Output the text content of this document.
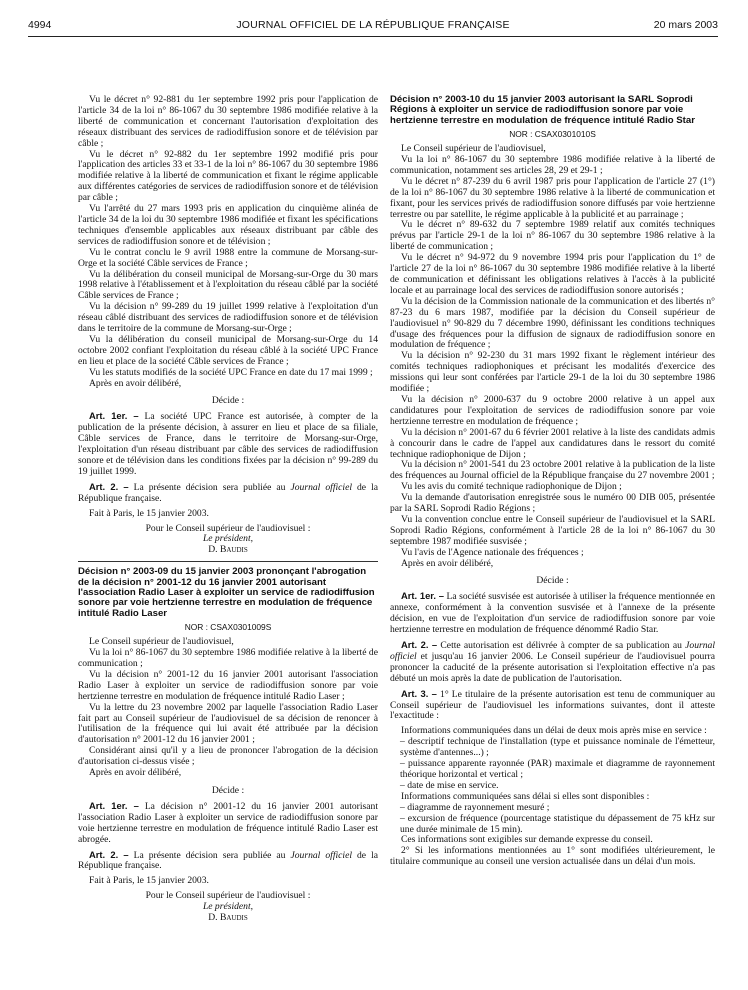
4994	JOURNAL OFFICIEL DE LA RÉPUBLIQUE FRANÇAISE	20 mars 2003

Vu le décret n° 92-881 du 1er septembre 1992 pris pour l'application de l'article 34 de la loi n° 86-1067 du 30 septembre 1986 modifiée relative à la liberté de communication et concernant l'autorisation d'exploitation des réseaux distribuant des services de radiodiffusion sonore et de télévision par câble ;

Vu le décret n° 92-882 du 1er septembre 1992 modifié pris pour l'application des articles 33 et 33-1 de la loi n° 86-1067 du 30 septembre 1986 modifiée relative à la liberté de communication et fixant le régime applicable aux différentes catégories de services de radiodiffusion sonore et de télévision par câble ;

Vu l'arrêté du 27 mars 1993 pris en application du cinquième alinéa de l'article 34 de la loi du 30 septembre 1986 modifiée et fixant les spécifications techniques d'ensemble applicables aux réseaux distribuant par câble des services de radiodiffusion sonore et de télévision ;

Vu le contrat conclu le 9 avril 1988 entre la commune de Morsang-sur-Orge et la société Câble services de France ;

Vu la délibération du conseil municipal de Morsang-sur-Orge du 30 mars 1998 relative à l'établissement et à l'exploitation du réseau câblé par la société Câble services de France ;

Vu la décision n° 99-289 du 19 juillet 1999 relative à l'exploitation d'un réseau câblé distribuant des services de radiodiffusion sonore et de télévision dans le territoire de la commune de Morsang-sur-Orge ;

Vu la délibération du conseil municipal de Morsang-sur-Orge du 14 octobre 2002 confiant l'exploitation du réseau câblé à la société UPC France en lieu et place de la société Câble services de France ;

Vu les statuts modifiés de la société UPC France en date du 17 mai 1999 ;

Après en avoir délibéré,

Décide :

Art. 1er. – La société UPC France est autorisée, à compter de la publication de la présente décision, à assurer en lieu et place de sa filiale, Câble services de France, dans le territoire de Morsang-sur-Orge, l'exploitation d'un réseau distribuant par câble des services de radiodiffusion sonore et de télévision dans les conditions fixées par la décision n° 99-289 du 19 juillet 1999.

Art. 2. – La présente décision sera publiée au Journal officiel de la République française.

Fait à Paris, le 15 janvier 2003.

Pour le Conseil supérieur de l'audiovisuel :

Le président,

D. Baudis

Décision n° 2003-09 du 15 janvier 2003 prononçant l'abrogation de la décision n° 2001-12 du 16 janvier 2001 autorisant l'association Radio Laser à exploiter un service de radiodiffusion sonore par voie hertzienne terrestre en modulation de fréquence intitulé Radio Laser

NOR : CSAX0301009S

Le Conseil supérieur de l'audiovisuel,

Vu la loi n° 86-1067 du 30 septembre 1986 modifiée relative à la liberté de communication ;

Vu la décision n° 2001-12 du 16 janvier 2001 autorisant l'association Radio Laser à exploiter un service de radiodiffusion sonore par voie hertzienne terrestre en modulation de fréquence intitulé Radio Laser ;

Vu la lettre du 23 novembre 2002 par laquelle l'association Radio Laser fait part au Conseil supérieur de l'audiovisuel de sa décision de renoncer à l'utilisation de la fréquence qui lui avait été attribuée par la décision d'autorisation n° 2001-12 du 16 janvier 2001 ;

Considérant ainsi qu'il y a lieu de prononcer l'abrogation de la décision d'autorisation ci-dessus visée ;

Après en avoir délibéré,

Décide :

Art. 1er. – La décision n° 2001-12 du 16 janvier 2001 autorisant l'association Radio Laser à exploiter un service de radiodiffusion sonore par voie hertzienne terrestre en modulation de fréquence intitulé Radio Laser est abrogée.

Art. 2. – La présente décision sera publiée au Journal officiel de la République française.

Fait à Paris, le 15 janvier 2003.

Pour le Conseil supérieur de l'audiovisuel :

Le président,

D. Baudis

Décision n° 2003-10 du 15 janvier 2003 autorisant la SARL Soprodi Régions à exploiter un service de radiodiffusion sonore par voie hertzienne terrestre en modulation de fréquence intitulé Radio Star

NOR : CSAX0301010S

Le Conseil supérieur de l'audiovisuel,

Vu la loi n° 86-1067 du 30 septembre 1986 modifiée relative à la liberté de communication, notamment ses articles 28, 29 et 29-1 ;

Vu le décret n° 87-239 du 6 avril 1987 pris pour l'application de l'article 27 (1°) de la loi n° 86-1067 du 30 septembre 1986 relative à la liberté de communication et fixant, pour les services privés de radiodiffusion sonore diffusés par voie hertzienne terrestre ou par satellite, le régime applicable à la publicité et au parrainage ;

Vu le décret n° 89-632 du 7 septembre 1989 relatif aux comités techniques prévus par l'article 29-1 de la loi n° 86-1067 du 30 septembre 1986 relative à la liberté de communication ;

Vu le décret n° 94-972 du 9 novembre 1994 pris pour l'application du 1° de l'article 27 de la loi n° 86-1067 du 30 septembre 1986 modifiée relative à la liberté de communication et définissant les obligations relatives à l'accès à la publicité locale et au parrainage local des services de radiodiffusion sonore autorisés ;

Vu la décision de la Commission nationale de la communication et des libertés n° 87-23 du 6 mars 1987, modifiée par la décision du Conseil supérieur de l'audiovisuel n° 90-829 du 7 décembre 1990, définissant les conditions techniques d'usage des fréquences pour la diffusion de signaux de radiodiffusion sonore en modulation de fréquence ;

Vu la décision n° 92-230 du 31 mars 1992 fixant le règlement intérieur des comités techniques radiophoniques et précisant les modalités d'exercice des missions qui leur sont conférées par l'article 29-1 de la loi du 30 septembre 1986 modifiée ;

Vu la décision n° 2000-637 du 9 octobre 2000 relative à un appel aux candidatures pour l'exploitation de services de radiodiffusion sonore par voie hertzienne terrestre en modulation de fréquence ;

Vu la décision n° 2001-67 du 6 février 2001 relative à la liste des candidats admis à concourir dans le cadre de l'appel aux candidatures dans le ressort du comité technique radiophonique de Dijon ;

Vu la décision n° 2001-541 du 23 octobre 2001 relative à la publication de la liste des fréquences au Journal officiel de la République française du 27 novembre 2001 ;

Vu les avis du comité technique radiophonique de Dijon ;

Vu la demande d'autorisation enregistrée sous le numéro 00 DIB 005, présentée par la SARL Soprodi Radio Régions ;

Vu la convention conclue entre le Conseil supérieur de l'audiovisuel et la SARL Soprodi Radio Régions, conformément à l'article 28 de la loi n° 86-1067 du 30 septembre 1987 modifiée susvisée ;

Vu l'avis de l'Agence nationale des fréquences ;

Après en avoir délibéré,

Décide :

Art. 1er. – La société susvisée est autorisée à utiliser la fréquence mentionnée en annexe, conformément à la convention susvisée et à l'annexe de la présente décision, en vue de l'exploitation d'un service de radiodiffusion sonore par voie hertzienne terrestre en modulation de fréquence dénommé Radio Star.

Art. 2. – Cette autorisation est délivrée à compter de sa publication au Journal officiel et jusqu'au 16 janvier 2006. Le Conseil supérieur de l'audiovisuel pourra prononcer la caducité de la présente autorisation si l'exploitation effective n'a pas débuté un mois après la date de publication de l'autorisation.

Art. 3. – 1° Le titulaire de la présente autorisation est tenu de communiquer au Conseil supérieur de l'audiovisuel les informations suivantes, dont il atteste l'exactitude :

Informations communiquées dans un délai de deux mois après mise en service :

– descriptif technique de l'installation (type et puissance nominale de l'émetteur, système d'antennes...) ;

– puissance apparente rayonnée (PAR) maximale et diagramme de rayonnement théorique horizontal et vertical ;

– date de mise en service.

Informations communiquées sans délai si elles sont disponibles :

– diagramme de rayonnement mesuré ;

– excursion de fréquence (pourcentage statistique du dépassement de 75 kHz sur une durée minimale de 15 min).

Ces informations sont exigibles sur demande expresse du conseil.

2° Si les informations mentionnées au 1° sont modifiées ultérieurement, le titulaire communique au conseil une version actualisée dans un délai d'un mois.
